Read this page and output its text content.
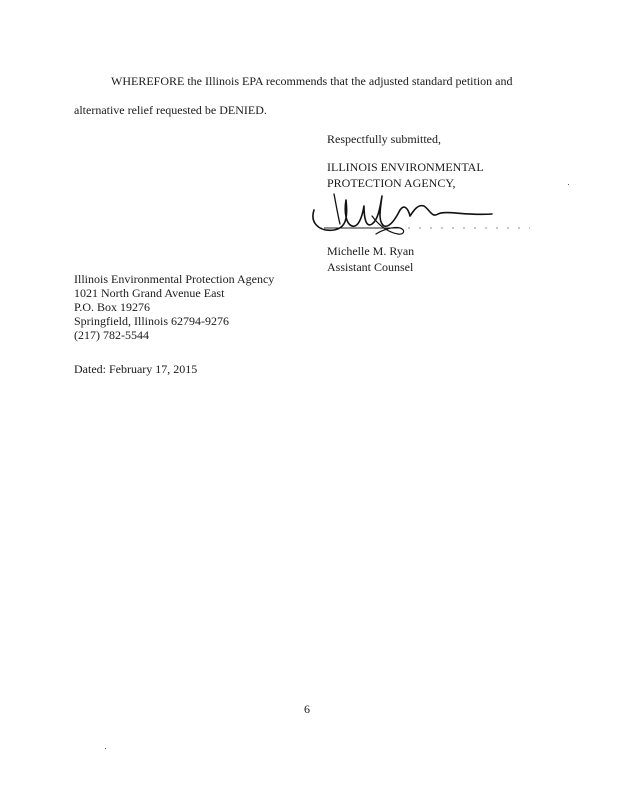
WHEREFORE the Illinois EPA recommends that the adjusted standard petition and
alternative relief requested be DENIED.
Respectfully submitted,
ILLINOIS ENVIRONMENTAL
PROTECTION AGENCY,
Michelle M. Ryan
Assistant Counsel
Illinois Environmental Protection Agency
1021 North Grand Avenue East
P.O. Box 19276
Springfield, Illinois 62794-9276
(217) 782-5544
Dated: February 17, 2015
6
